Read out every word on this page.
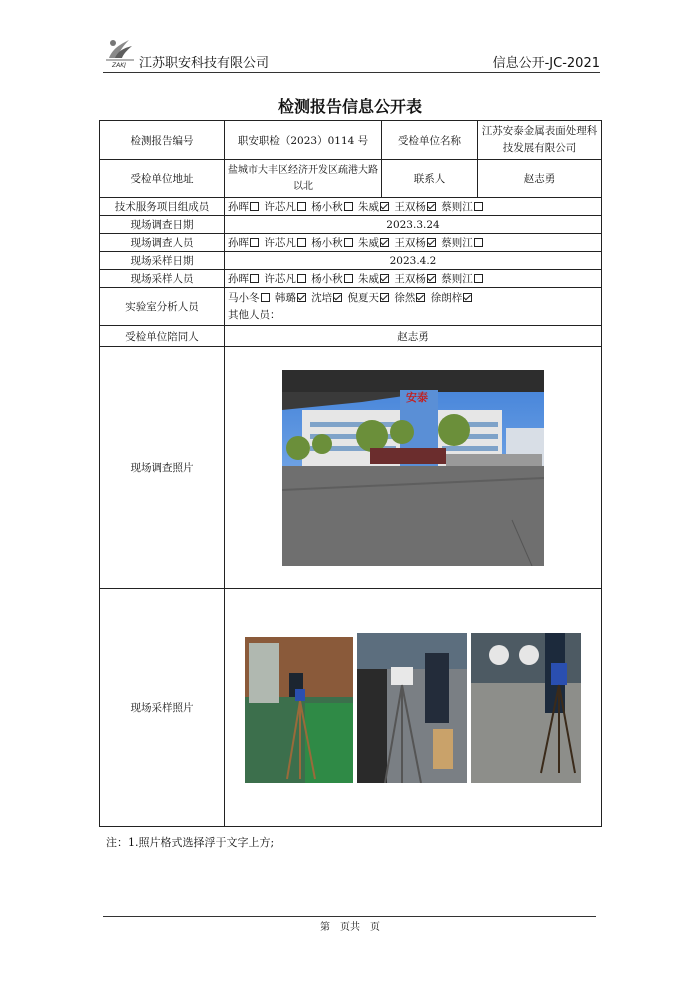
ZAKJ 江苏职安科技有限公司	信息公开-JC-2021
检测报告信息公开表
检测报告编号	职安职检（2023）0114 号	受检单位名称	江苏安泰金属表面处理科技发展有限公司
受检单位地址	盐城市大丰区经济开发区疏港大路以北	联系人	赵志勇
技术服务项目组成员	孙晖 许芯凡 杨小秋 朱威 王双杨 蔡则江		
现场调查日期	2023.3.24		
现场调查人员	孙晖 许芯凡 杨小秋 朱威 王双杨 蔡则江		
现场采样日期	2023.4.2		
现场采样人员	孙晖 许芯凡 杨小秋 朱威 王双杨 蔡则江		
实验室分析人员	马小冬 韩璐 沈培 倪夏天 徐然 徐朗梓
其他人员：		

受检单位陪同人	赵志勇		
现场调查照片	安泰		

现场采样照片	
注：1.照片格式选择浮于文字上方;
第　页共　页
